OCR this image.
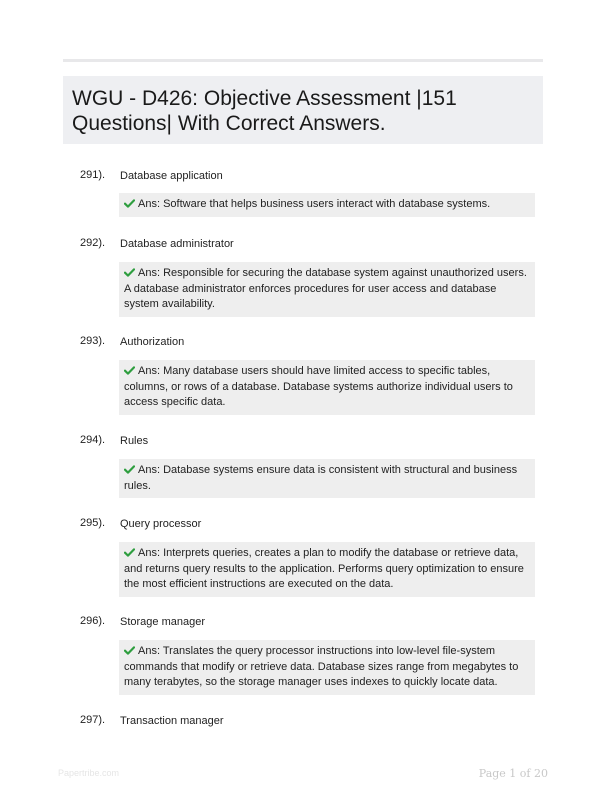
WGU - D426: Objective Assessment |151 Questions| With Correct Answers.
291). Database application
Ans: Software that helps business users interact with database systems.
292). Database administrator
Ans: Responsible for securing the database system against unauthorized users. A database administrator enforces procedures for user access and database system availability.
293). Authorization
Ans: Many database users should have limited access to specific tables, columns, or rows of a database. Database systems authorize individual users to access specific data.
294). Rules
Ans: Database systems ensure data is consistent with structural and business rules.
295). Query processor
Ans: Interprets queries, creates a plan to modify the database or retrieve data, and returns query results to the application. Performs query optimization to ensure the most efficient instructions are executed on the data.
296). Storage manager
Ans: Translates the query processor instructions into low-level file-system commands that modify or retrieve data. Database sizes range from megabytes to many terabytes, so the storage manager uses indexes to quickly locate data.
297). Transaction manager
Papertribe.com	Page 1 of 20
